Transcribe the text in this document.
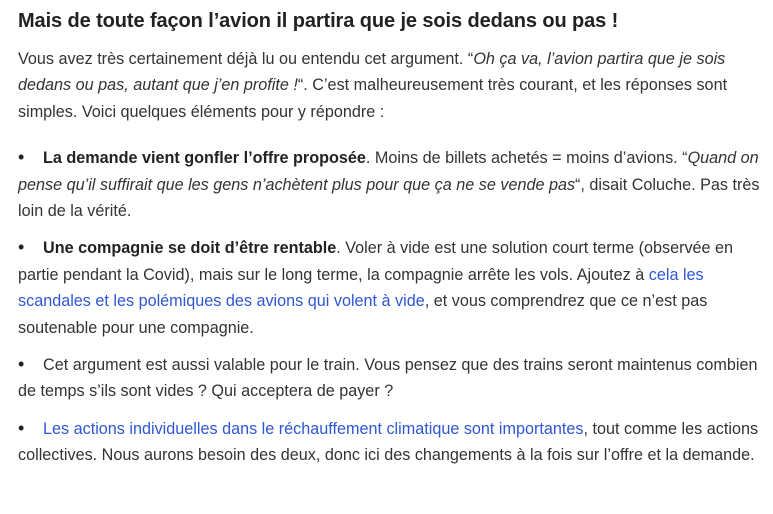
Mais de toute façon l’avion il partira que je sois dedans ou pas !

Vous avez très certainement déjà lu ou entendu cet argument. “Oh ça va, l’avion partira que je sois dedans ou pas, autant que j’en profite !“. C’est malheureusement très courant, et les réponses sont simples. Voici quelques éléments pour y répondre :

• La demande vient gonfler l’offre proposée. Moins de billets achetés = moins d’avions. “Quand on pense qu’il suffirait que les gens n’achètent plus pour que ça ne se vende pas“, disait Coluche. Pas très loin de la vérité.
• Une compagnie se doit d’être rentable. Voler à vide est une solution court terme (observée en partie pendant la Covid), mais sur le long terme, la compagnie arrête les vols. Ajoutez à cela les scandales et les polémiques des avions qui volent à vide, et vous comprendrez que ce n’est pas soutenable pour une compagnie.
• Cet argument est aussi valable pour le train. Vous pensez que des trains seront maintenus combien de temps s’ils sont vides ? Qui acceptera de payer ?
• Les actions individuelles dans le réchauffement climatique sont importantes, tout comme les actions collectives. Nous aurons besoin des deux, donc ici des changements à la fois sur l’offre et la demande.
